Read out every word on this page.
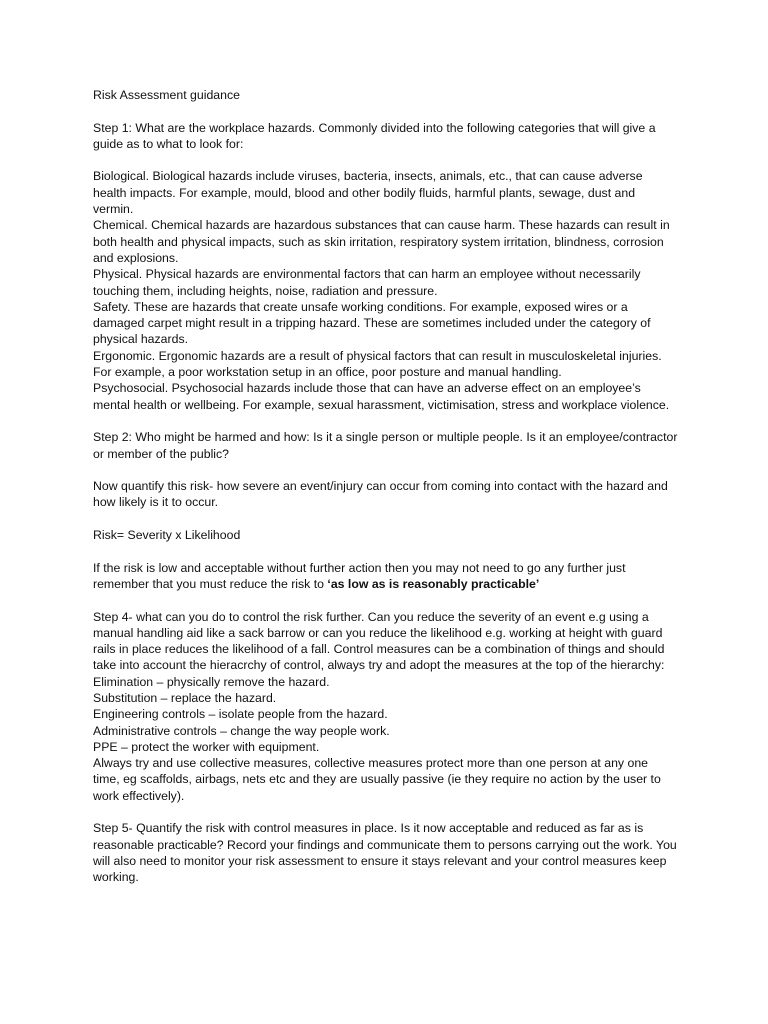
Risk Assessment guidance

Step 1: What are the workplace hazards. Commonly divided into the following categories that will give a guide as to what to look for:

Biological. Biological hazards include viruses, bacteria, insects, animals, etc., that can cause adverse health impacts. For example, mould, blood and other bodily fluids, harmful plants, sewage, dust and vermin.

Chemical. Chemical hazards are hazardous substances that can cause harm. These hazards can result in both health and physical impacts, such as skin irritation, respiratory system irritation, blindness, corrosion and explosions.

Physical. Physical hazards are environmental factors that can harm an employee without necessarily touching them, including heights, noise, radiation and pressure.

Safety. These are hazards that create unsafe working conditions. For example, exposed wires or a damaged carpet might result in a tripping hazard. These are sometimes included under the category of physical hazards.

Ergonomic. Ergonomic hazards are a result of physical factors that can result in musculoskeletal injuries. For example, a poor workstation setup in an office, poor posture and manual handling.

Psychosocial. Psychosocial hazards include those that can have an adverse effect on an employee’s mental health or wellbeing. For example, sexual harassment, victimisation, stress and workplace violence.

Step 2: Who might be harmed and how: Is it a single person or multiple people. Is it an employee/contractor or member of the public?

Now quantify this risk- how severe an event/injury can occur from coming into contact with the hazard and how likely is it to occur.

Risk= Severity x Likelihood

If the risk is low and acceptable without further action then you may not need to go any further just remember that you must reduce the risk to ‘as low as is reasonably practicable’

Step 4- what can you do to control the risk further. Can you reduce the severity of an event e.g using a manual handling aid like a sack barrow or can you reduce the likelihood e.g. working at height with guard rails in place reduces the likelihood of a fall. Control measures can be a combination of things and should take into account the hieracrchy of control, always try and adopt the measures at the top of the hierarchy:

Elimination – physically remove the hazard.

Substitution – replace the hazard.

Engineering controls – isolate people from the hazard.

Administrative controls – change the way people work.

PPE – protect the worker with equipment.

Always try and use collective measures, collective measures protect more than one person at any one time, eg scaffolds, airbags, nets etc and they are usually passive (ie they require no action by the user to work effectively).

Step 5- Quantify the risk with control measures in place. Is it now acceptable and reduced as far as is reasonable practicable? Record your findings and communicate them to persons carrying out the work. You will also need to monitor your risk assessment to ensure it stays relevant and your control measures keep working.
